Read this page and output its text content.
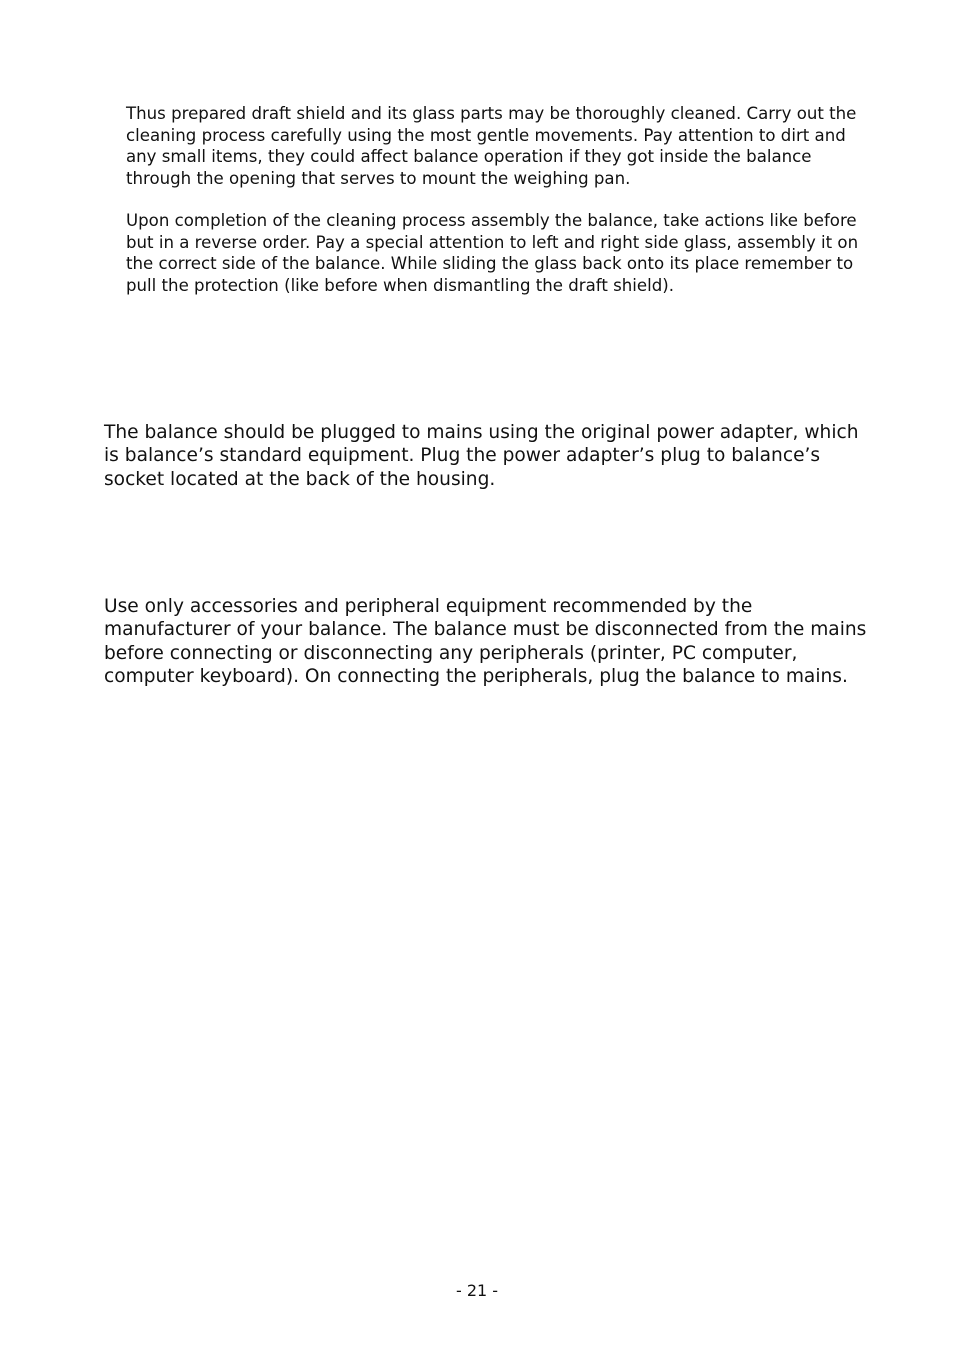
Thus prepared draft shield and its glass parts may be thoroughly cleaned. Carry out the cleaning process carefully using the most gentle movements. Pay attention to dirt and any small items, they could affect balance operation if they got inside the balance through the opening that serves to mount the weighing pan.

Upon completion of the cleaning process assembly the balance, take actions like before but in a reverse order. Pay a special attention to left and right side glass, assembly it on the correct side of the balance. While sliding the glass back onto its place remember to pull the protection (like before when dismantling the draft shield).

The balance should be plugged to mains using the original power adapter, which is balance’s standard equipment. Plug the power adapter’s plug to balance’s socket located at the back of the housing.

Use only accessories and peripheral equipment recommended by the manufacturer of your balance. The balance must be disconnected from the mains before connecting or disconnecting any peripherals (printer, PC computer, computer keyboard). On connecting the peripherals, plug the balance to mains.

- 21 -
